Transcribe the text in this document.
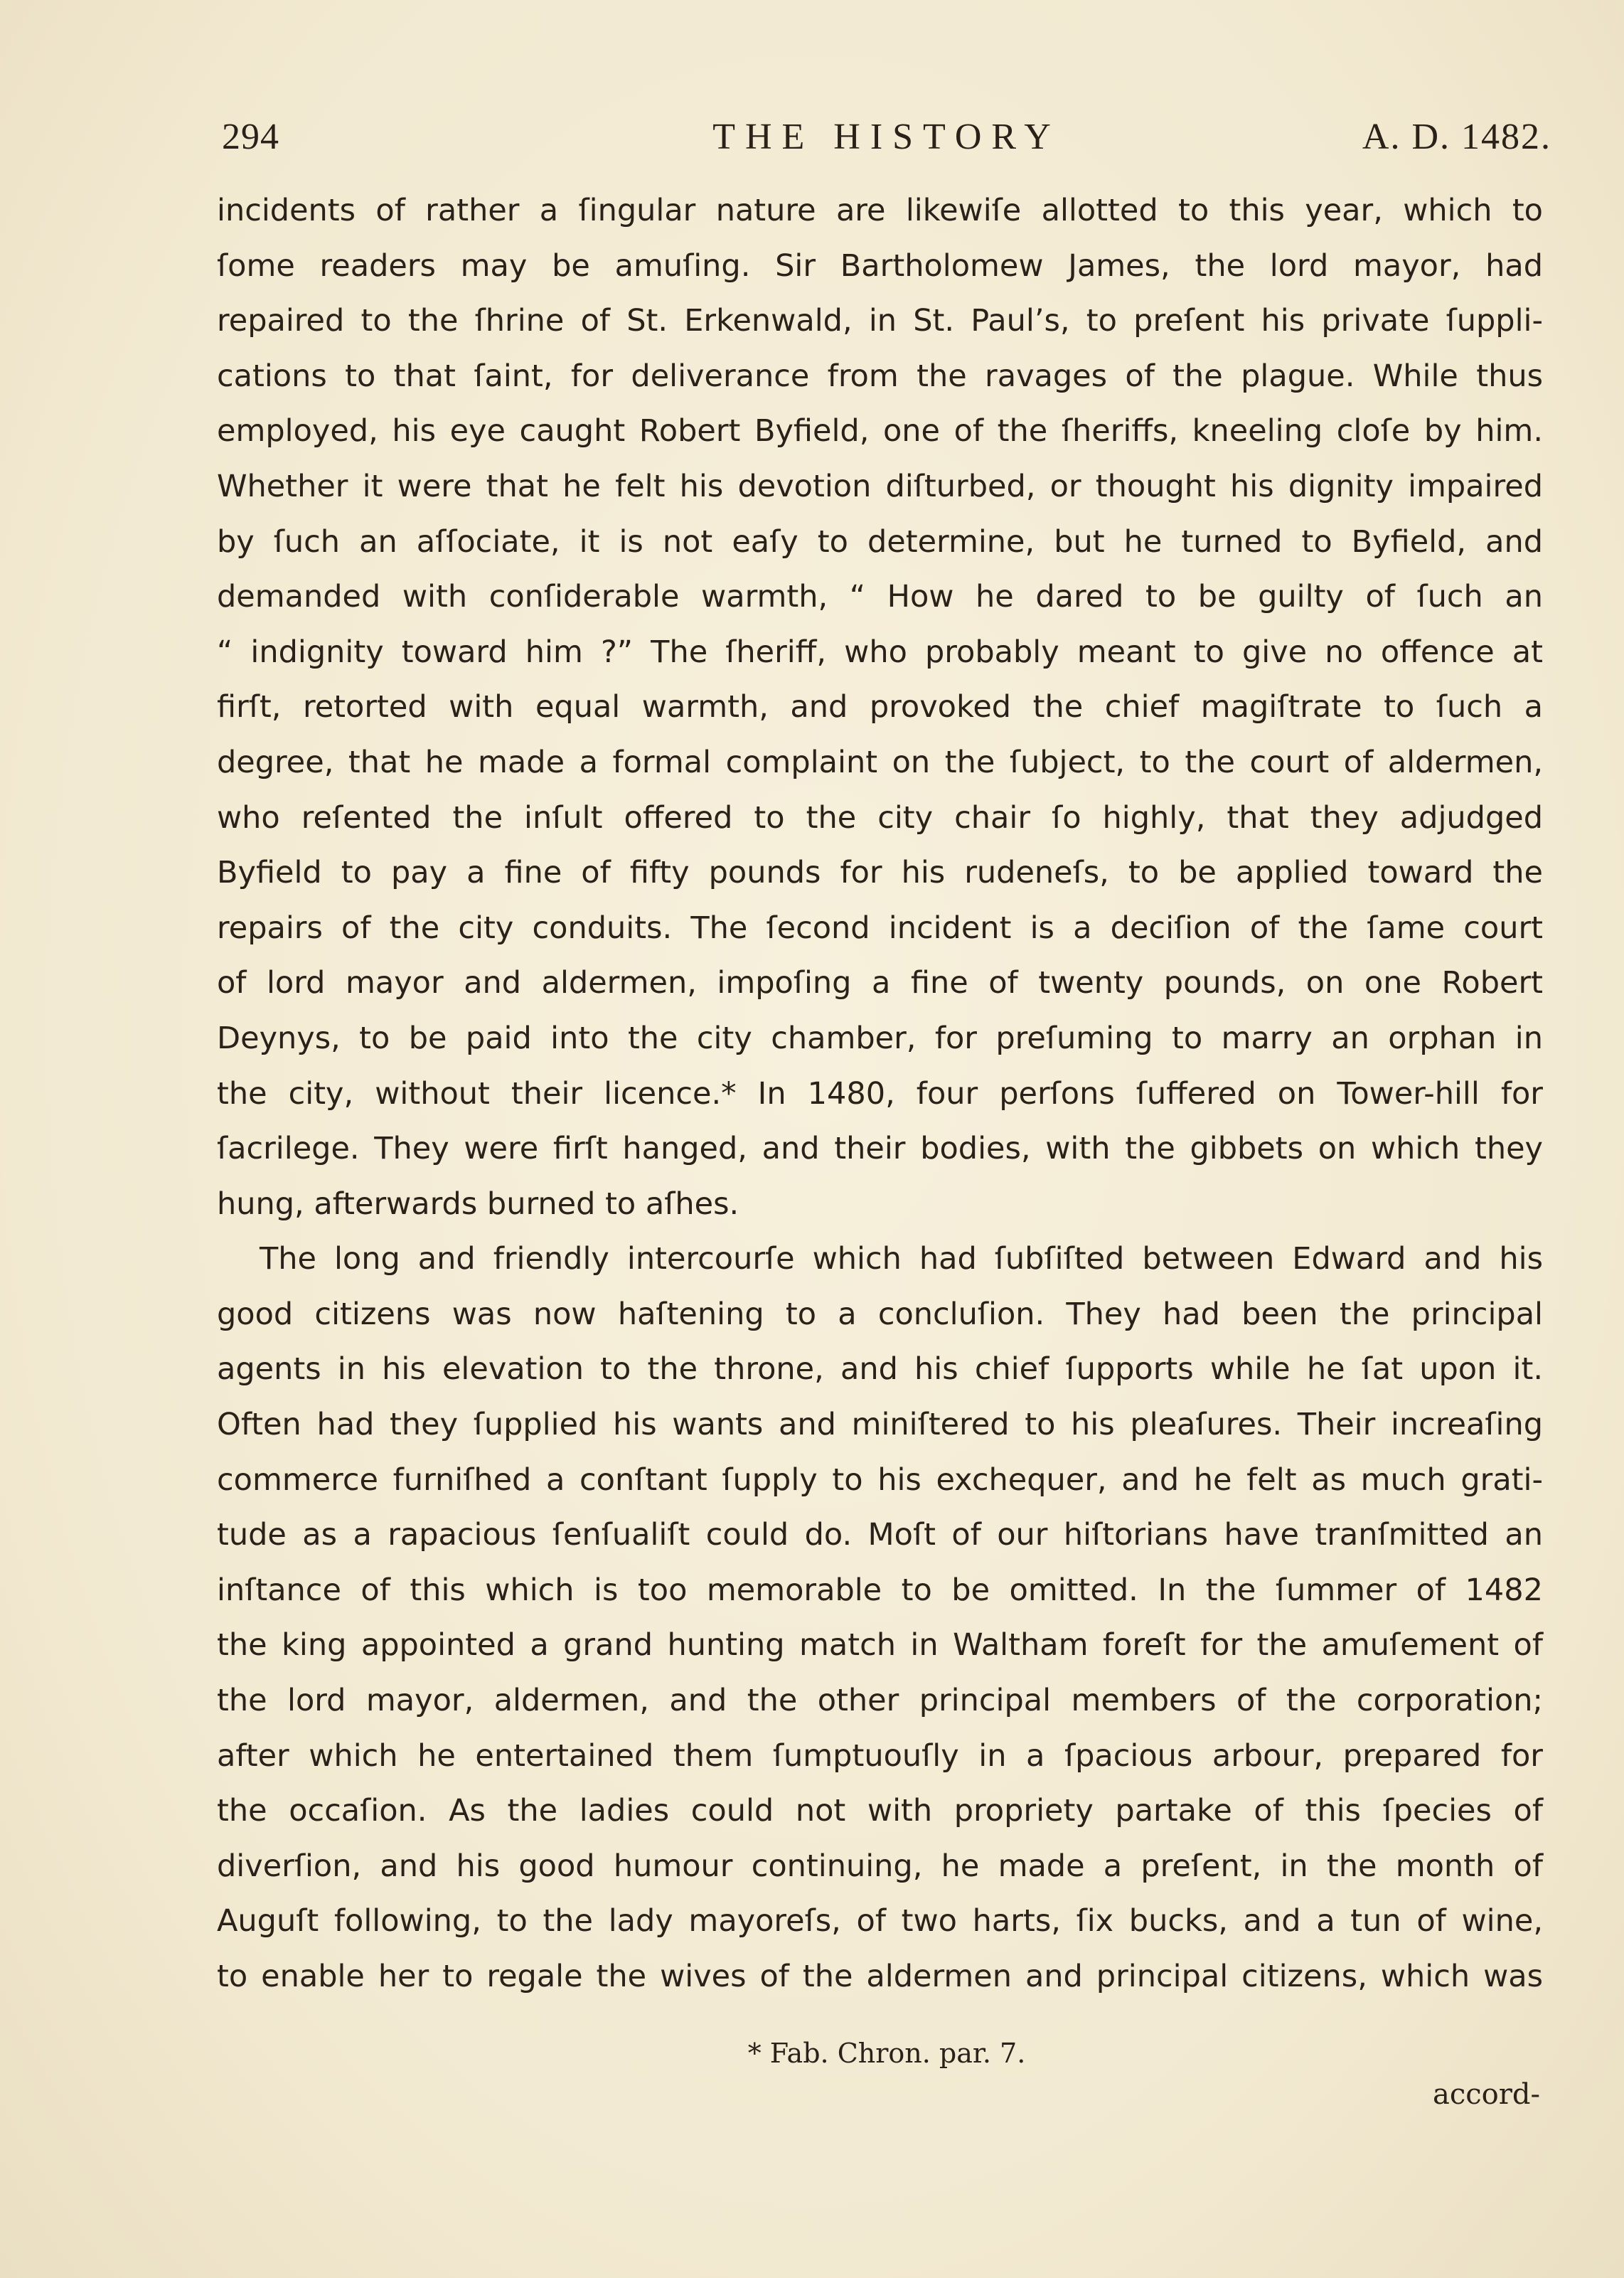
294	THE HISTORY	A. D. 1482.
incidents of rather a ſingular nature are likewiſe allotted to this year, which to
ſome readers may be amuſing. Sir Bartholomew James, the lord mayor, had
repaired to the ſhrine of St. Erkenwald, in St. Paul’s, to preſent his private ſuppli-
cations to that ſaint, for deliverance from the ravages of the plague. While thus
employed, his eye caught Robert Byfield, one of the ſheriffs, kneeling cloſe by him.
Whether it were that he felt his devotion diſturbed, or thought his dignity impaired
by ſuch an aſſociate, it is not eaſy to determine, but he turned to Byfield, and
demanded with conſiderable warmth, “ How he dared to be guilty of ſuch an
“ indignity toward him ?” The ſheriff, who probably meant to give no offence at
firſt, retorted with equal warmth, and provoked the chief magiſtrate to ſuch a
degree, that he made a formal complaint on the ſubject, to the court of aldermen,
who reſented the inſult offered to the city chair ſo highly, that they adjudged
Byfield to pay a fine of fifty pounds for his rudeneſs, to be applied toward the
repairs of the city conduits. The ſecond incident is a deciſion of the ſame court
of lord mayor and aldermen, impoſing a fine of twenty pounds, on one Robert
Deynys, to be paid into the city chamber, for preſuming to marry an orphan in
the city, without their licence.* In 1480, four perſons ſuffered on Tower-hill for
ſacrilege. They were firſt hanged, and their bodies, with the gibbets on which they
hung, afterwards burned to aſhes.
The long and friendly intercourſe which had ſubſiſted between Edward and his
good citizens was now haſtening to a concluſion. They had been the principal
agents in his elevation to the throne, and his chief ſupports while he ſat upon it.
Often had they ſupplied his wants and miniſtered to his pleaſures. Their increaſing
commerce furniſhed a conſtant ſupply to his exchequer, and he felt as much grati-
tude as a rapacious ſenſualiſt could do. Moſt of our hiſtorians have tranſmitted an
inſtance of this which is too memorable to be omitted. In the ſummer of 1482
the king appointed a grand hunting match in Waltham foreſt for the amuſement of
the lord mayor, aldermen, and the other principal members of the corporation;
after which he entertained them ſumptuouſly in a ſpacious arbour, prepared for
the occaſion. As the ladies could not with propriety partake of this ſpecies of
diverſion, and his good humour continuing, he made a preſent, in the month of
Auguſt following, to the lady mayoreſs, of two harts, ſix bucks, and a tun of wine,
to enable her to regale the wives of the aldermen and principal citizens, which was
* Fab. Chron. par. 7.
accord-
